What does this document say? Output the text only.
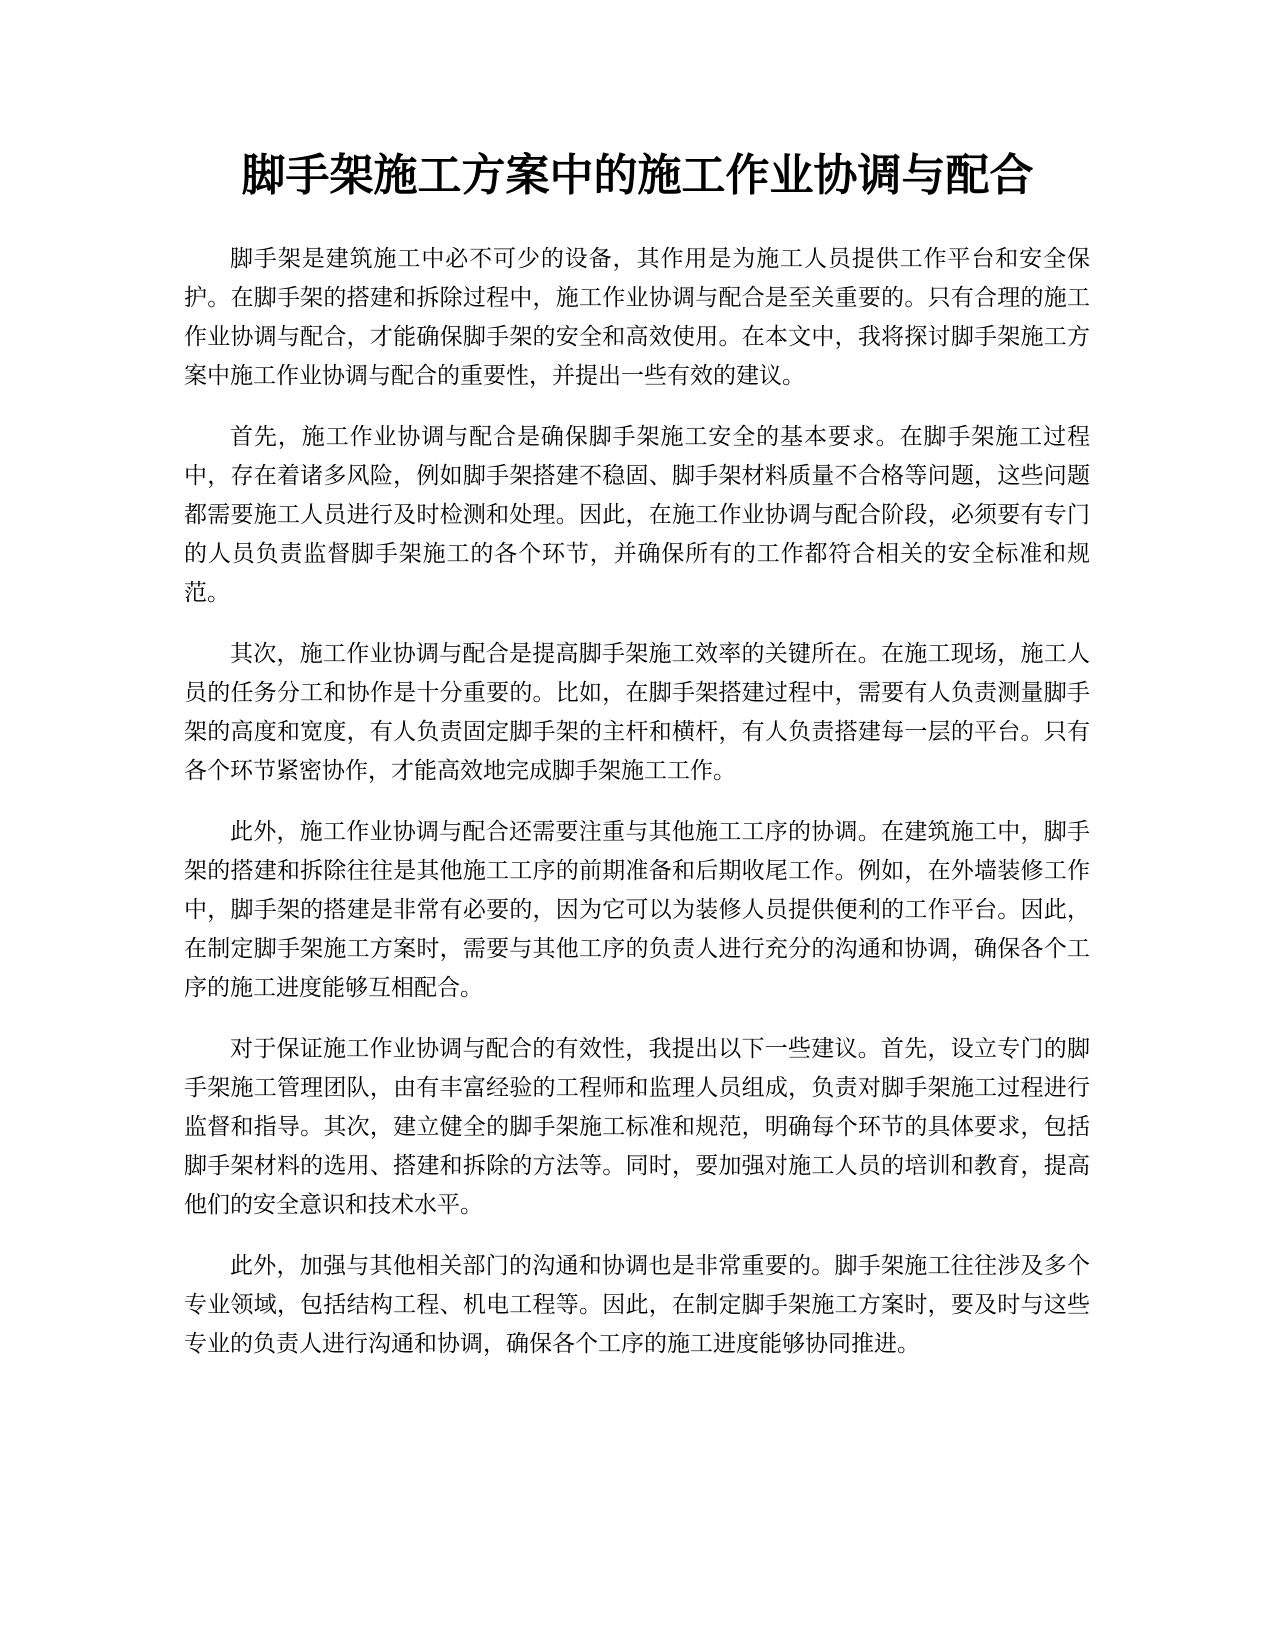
脚手架施工方案中的施工作业协调与配合

脚手架是建筑施工中必不可少的设备，其作用是为施工人员提供工作平台和安全保护。在脚手架的搭建和拆除过程中，施工作业协调与配合是至关重要的。只有合理的施工作业协调与配合，才能确保脚手架的安全和高效使用。在本文中，我将探讨脚手架施工方案中施工作业协调与配合的重要性，并提出一些有效的建议。

首先，施工作业协调与配合是确保脚手架施工安全的基本要求。在脚手架施工过程中，存在着诸多风险，例如脚手架搭建不稳固、脚手架材料质量不合格等问题，这些问题都需要施工人员进行及时检测和处理。因此，在施工作业协调与配合阶段，必须要有专门的人员负责监督脚手架施工的各个环节，并确保所有的工作都符合相关的安全标准和规范。

其次，施工作业协调与配合是提高脚手架施工效率的关键所在。在施工现场，施工人员的任务分工和协作是十分重要的。比如，在脚手架搭建过程中，需要有人负责测量脚手架的高度和宽度，有人负责固定脚手架的主杆和横杆，有人负责搭建每一层的平台。只有各个环节紧密协作，才能高效地完成脚手架施工工作。

此外，施工作业协调与配合还需要注重与其他施工工序的协调。在建筑施工中，脚手架的搭建和拆除往往是其他施工工序的前期准备和后期收尾工作。例如，在外墙装修工作中，脚手架的搭建是非常有必要的，因为它可以为装修人员提供便利的工作平台。因此，在制定脚手架施工方案时，需要与其他工序的负责人进行充分的沟通和协调，确保各个工序的施工进度能够互相配合。

对于保证施工作业协调与配合的有效性，我提出以下一些建议。首先，设立专门的脚手架施工管理团队，由有丰富经验的工程师和监理人员组成，负责对脚手架施工过程进行监督和指导。其次，建立健全的脚手架施工标准和规范，明确每个环节的具体要求，包括脚手架材料的选用、搭建和拆除的方法等。同时，要加强对施工人员的培训和教育，提高他们的安全意识和技术水平。

此外，加强与其他相关部门的沟通和协调也是非常重要的。脚手架施工往往涉及多个专业领域，包括结构工程、机电工程等。因此，在制定脚手架施工方案时，要及时与这些专业的负责人进行沟通和协调，确保各个工序的施工进度能够协同推进。
